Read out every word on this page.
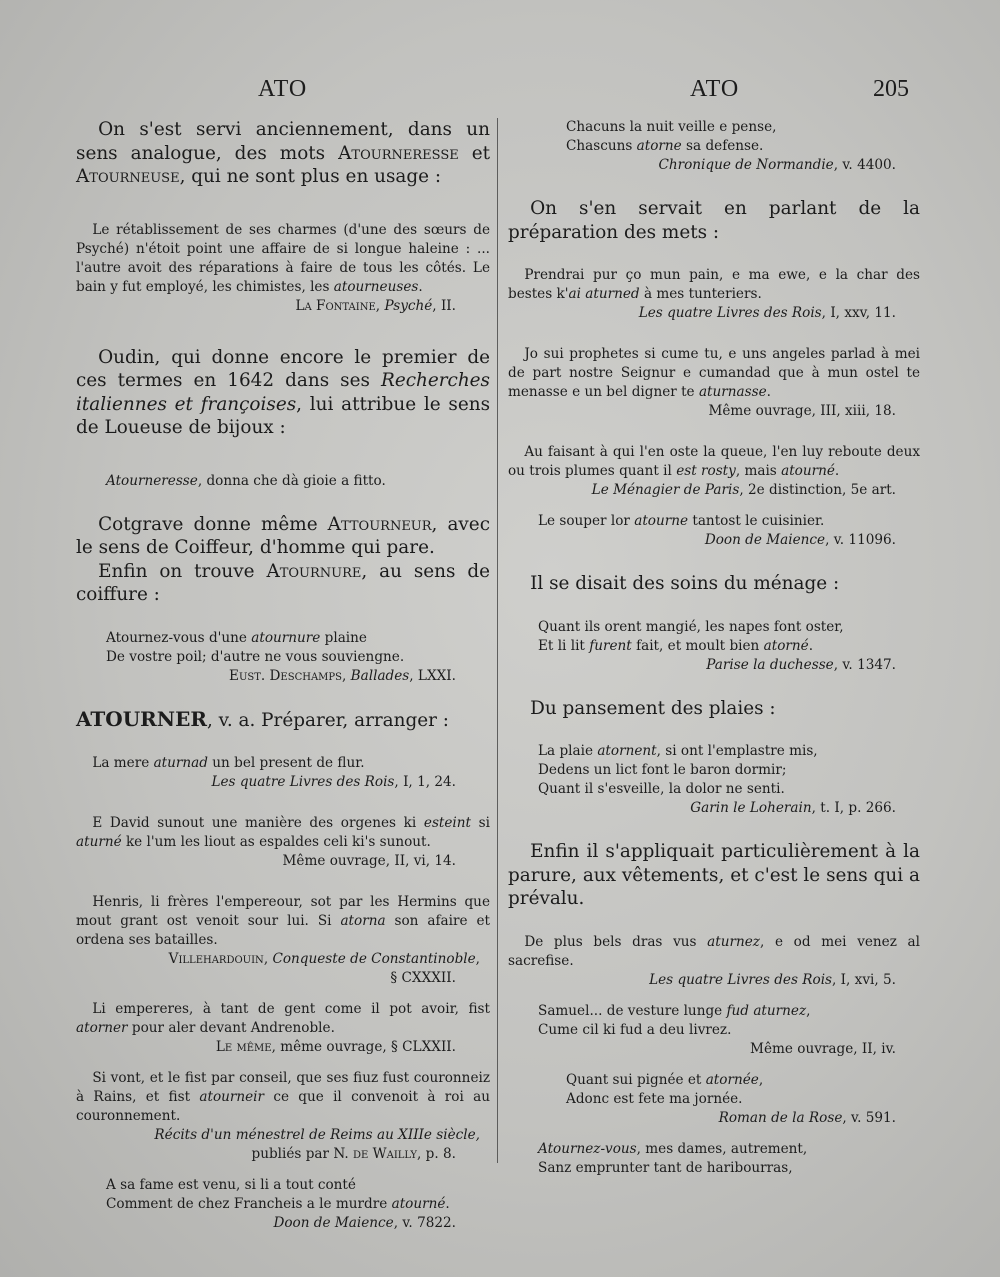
ATO	ATO	205

On s'est servi anciennement, dans un sens analogue, des mots Atourneresse et Atourneuse, qui ne sont plus en usage :

Le rétablissement de ses charmes (d'une des sœurs de Psyché) n'étoit point une affaire de si longue haleine : ... l'autre avoit des réparations à faire de tous les côtés. Le bain y fut employé, les chimistes, les atourneuses.

La Fontaine, Psyché, II.

Oudin, qui donne encore le premier de ces termes en 1642 dans ses Recherches italiennes et françoises, lui attribue le sens de Loueuse de bijoux :

Atourneresse, donna che dà gioie a fitto.

Cotgrave donne même Attourneur, avec le sens de Coiffeur, d'homme qui pare.

Enfin on trouve Atournure, au sens de coiffure :

Atournez-vous d'une atournure plaine

De vostre poil; d'autre ne vous souviengne.

Eust. Deschamps, Ballades, LXXI.

ATOURNER, v. a. Préparer, arranger :

La mere aturnad un bel present de flur.

Les quatre Livres des Rois, I, 1, 24.

E David sunout une manière des orgenes ki esteint si aturné ke l'um les liout as espaldes celi ki's sunout.

Même ouvrage, II, vi, 14.

Henris, li frères l'empereour, sot par les Hermins que mout grant ost venoit sour lui. Si atorna son afaire et ordena ses batailles.

Villehardouin, Conqueste de Constantinoble,

§ CXXXII.

Li empereres, à tant de gent come il pot avoir, fist atorner pour aler devant Andrenoble.

Le même, même ouvrage, § CLXXII.

Si vont, et le fist par conseil, que ses fiuz fust couronneiz à Rains, et fist atourneir ce que il convenoit à roi au couronnement.

Récits d'un ménestrel de Reims au XIIIe siècle,

publiés par N. de Wailly, p. 8.

A sa fame est venu, si li a tout conté

Comment de chez Francheis a le murdre atourné.

Doon de Maience, v. 7822.

Chacuns la nuit veille e pense,

Chascuns atorne sa defense.

Chronique de Normandie, v. 4400.

On s'en servait en parlant de la préparation des mets :

Prendrai pur ço mun pain, e ma ewe, e la char des bestes k'ai aturned à mes tunteriers.

Les quatre Livres des Rois, I, xxv, 11.

Jo sui prophetes si cume tu, e uns angeles parlad à mei de part nostre Seignur e cumandad que à mun ostel te menasse e un bel digner te aturnasse.

Même ouvrage, III, xiii, 18.

Au faisant à qui l'en oste la queue, l'en luy reboute deux ou trois plumes quant il est rosty, mais atourné.

Le Ménagier de Paris, 2e distinction, 5e art.

Le souper lor atourne tantost le cuisinier.

Doon de Maience, v. 11096.

Il se disait des soins du ménage :

Quant ils orent mangié, les napes font oster,

Et li lit furent fait, et moult bien atorné.

Parise la duchesse, v. 1347.

Du pansement des plaies :

La plaie atornent, si ont l'emplastre mis,

Dedens un lict font le baron dormir;

Quant il s'esveille, la dolor ne senti.

Garin le Loherain, t. I, p. 266.

Enfin il s'appliquait particulièrement à la parure, aux vêtements, et c'est le sens qui a prévalu.

De plus bels dras vus aturnez, e od mei venez al sacrefise.

Les quatre Livres des Rois, I, xvi, 5.

Samuel... de vesture lunge fud aturnez,

Cume cil ki fud a deu livrez.

Même ouvrage, II, iv.

Quant sui pignée et atornée,

Adonc est fete ma jornée.

Roman de la Rose, v. 591.

Atournez-vous, mes dames, autrement,

Sanz emprunter tant de haribourras,
